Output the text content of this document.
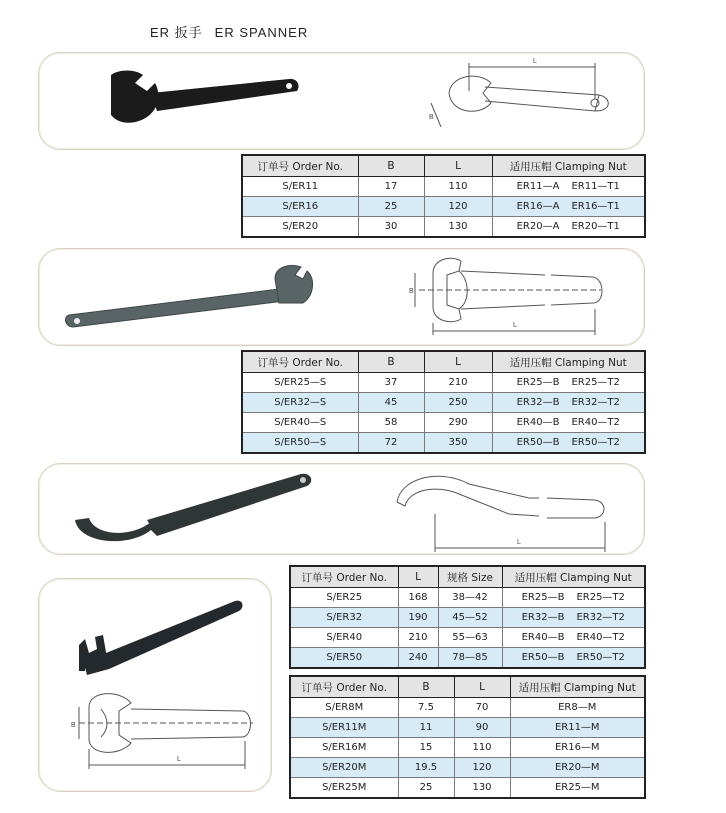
ER 扳手 ER SPANNER
L
B
订单号 Order No.	B	L	适用压帽 Clamping Nut
S/ER11	17	110	ER11—A ER11—T1
S/ER16	25	120	ER16—A ER16—T1
S/ER20	30	130	ER20—A ER20—T1
L
B
订单号 Order No.	B	L	适用压帽 Clamping Nut
S/ER25—S	37	210	ER25—B ER25—T2
S/ER32—S	45	250	ER32—B ER32—T2
S/ER40—S	58	290	ER40—B ER40—T2
S/ER50—S	72	350	ER50—B ER50—T2
L
订单号 Order No.	L	规格 Size	适用压帽 Clamping Nut
S/ER25	168	38—42	ER25—B ER25—T2
S/ER32	190	45—52	ER32—B ER32—T2
S/ER40	210	55—63	ER40—B ER40—T2
S/ER50	240	78—85	ER50—B ER50—T2
L
B
订单号 Order No.	B	L	适用压帽 Clamping Nut
S/ER8M	7.5	70	ER8—M
S/ER11M	11	90	ER11—M
S/ER16M	15	110	ER16—M
S/ER20M	19.5	120	ER20—M
S/ER25M	25	130	ER25—M
